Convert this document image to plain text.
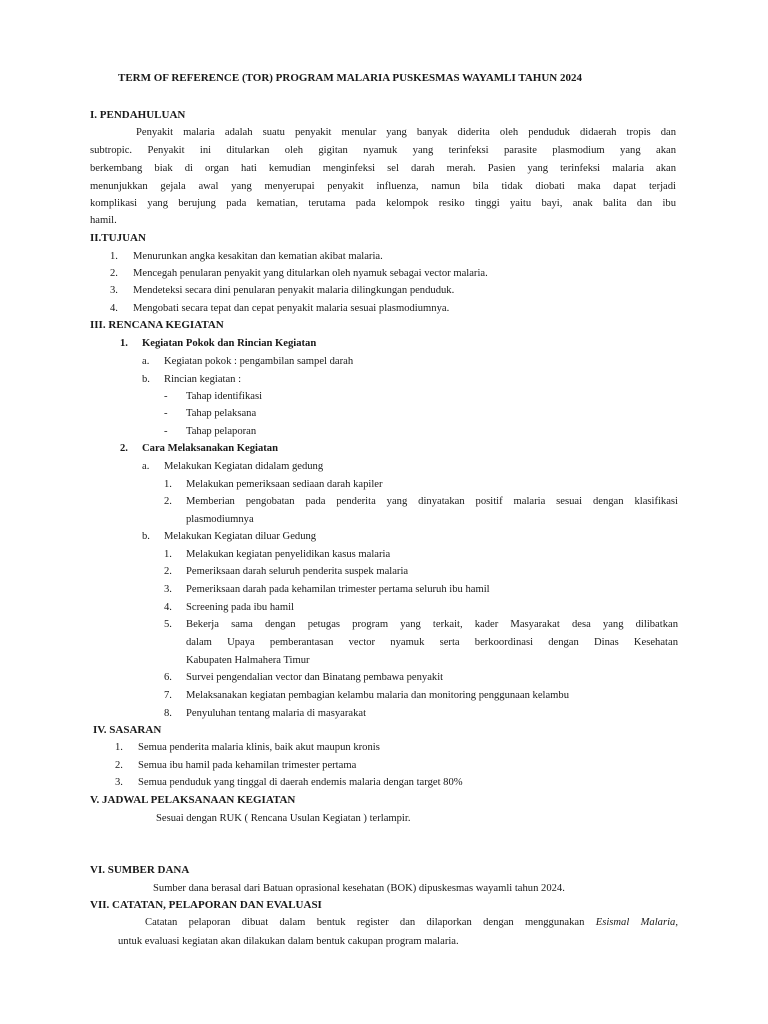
TERM OF REFERENCE (TOR) PROGRAM MALARIA PUSKESMAS WAYAMLI TAHUN 2024
I. PENDAHULUAN
Penyakit malaria adalah suatu penyakit menular yang banyak diderita oleh penduduk didaerah tropis dan
subtropic. Penyakit ini ditularkan oleh gigitan nyamuk yang terinfeksi parasite plasmodium yang akan
berkembang biak di organ hati kemudian menginfeksi sel darah merah. Pasien yang terinfeksi malaria akan
menunjukkan gejala awal yang menyerupai penyakit influenza, namun bila tidak diobati maka dapat terjadi
komplikasi yang berujung pada kematian, terutama pada kelompok resiko tinggi yaitu bayi, anak balita dan ibu
hamil.
II.TUJUAN
1. Menurunkan angka kesakitan dan kematian akibat malaria.
2. Mencegah penularan penyakit yang ditularkan oleh nyamuk sebagai vector malaria.
3. Mendeteksi secara dini penularan penyakit malaria dilingkungan penduduk.
4. Mengobati secara tepat dan cepat penyakit malaria sesuai plasmodiumnya.
III. RENCANA KEGIATAN
1. Kegiatan Pokok dan Rincian Kegiatan
a. Kegiatan pokok : pengambilan sampel darah
b. Rincian kegiatan :
- Tahap identifikasi
- Tahap pelaksana
- Tahap pelaporan
2. Cara Melaksanakan Kegiatan
a. Melakukan Kegiatan didalam gedung
1. Melakukan pemeriksaan sediaan darah kapiler
2. Memberian pengobatan pada penderita yang dinyatakan positif malaria sesuai dengan klasifikasi
plasmodiumnya
b. Melakukan Kegiatan diluar Gedung
1. Melakukan kegiatan penyelidikan kasus malaria
2. Pemeriksaan darah seluruh penderita suspek malaria
3. Pemeriksaan darah pada kehamilan trimester pertama seluruh ibu hamil
4. Screening pada ibu hamil
5. Bekerja sama dengan petugas program yang terkait, kader Masyarakat desa yang dilibatkan
dalam Upaya pemberantasan vector nyamuk serta berkoordinasi dengan Dinas Kesehatan
Kabupaten Halmahera Timur
6. Survei pengendalian vector dan Binatang pembawa penyakit
7. Melaksanakan kegiatan pembagian kelambu malaria dan monitoring penggunaan kelambu
8. Penyuluhan tentang malaria di masyarakat
IV. SASARAN
1. Semua penderita malaria klinis, baik akut maupun kronis
2. Semua ibu hamil pada kehamilan trimester pertama
3. Semua penduduk yang tinggal di daerah endemis malaria dengan target 80%
V. JADWAL PELAKSANAAN KEGIATAN
Sesuai dengan RUK ( Rencana Usulan Kegiatan ) terlampir.
VI. SUMBER DANA
Sumber dana berasal dari Batuan oprasional kesehatan (BOK) dipuskesmas wayamli tahun 2024.
VII. CATATAN, PELAPORAN DAN EVALUASI
Catatan pelaporan dibuat dalam bentuk register dan dilaporkan dengan menggunakan Esismal Malaria,
untuk evaluasi kegiatan akan dilakukan dalam bentuk cakupan program malaria.
